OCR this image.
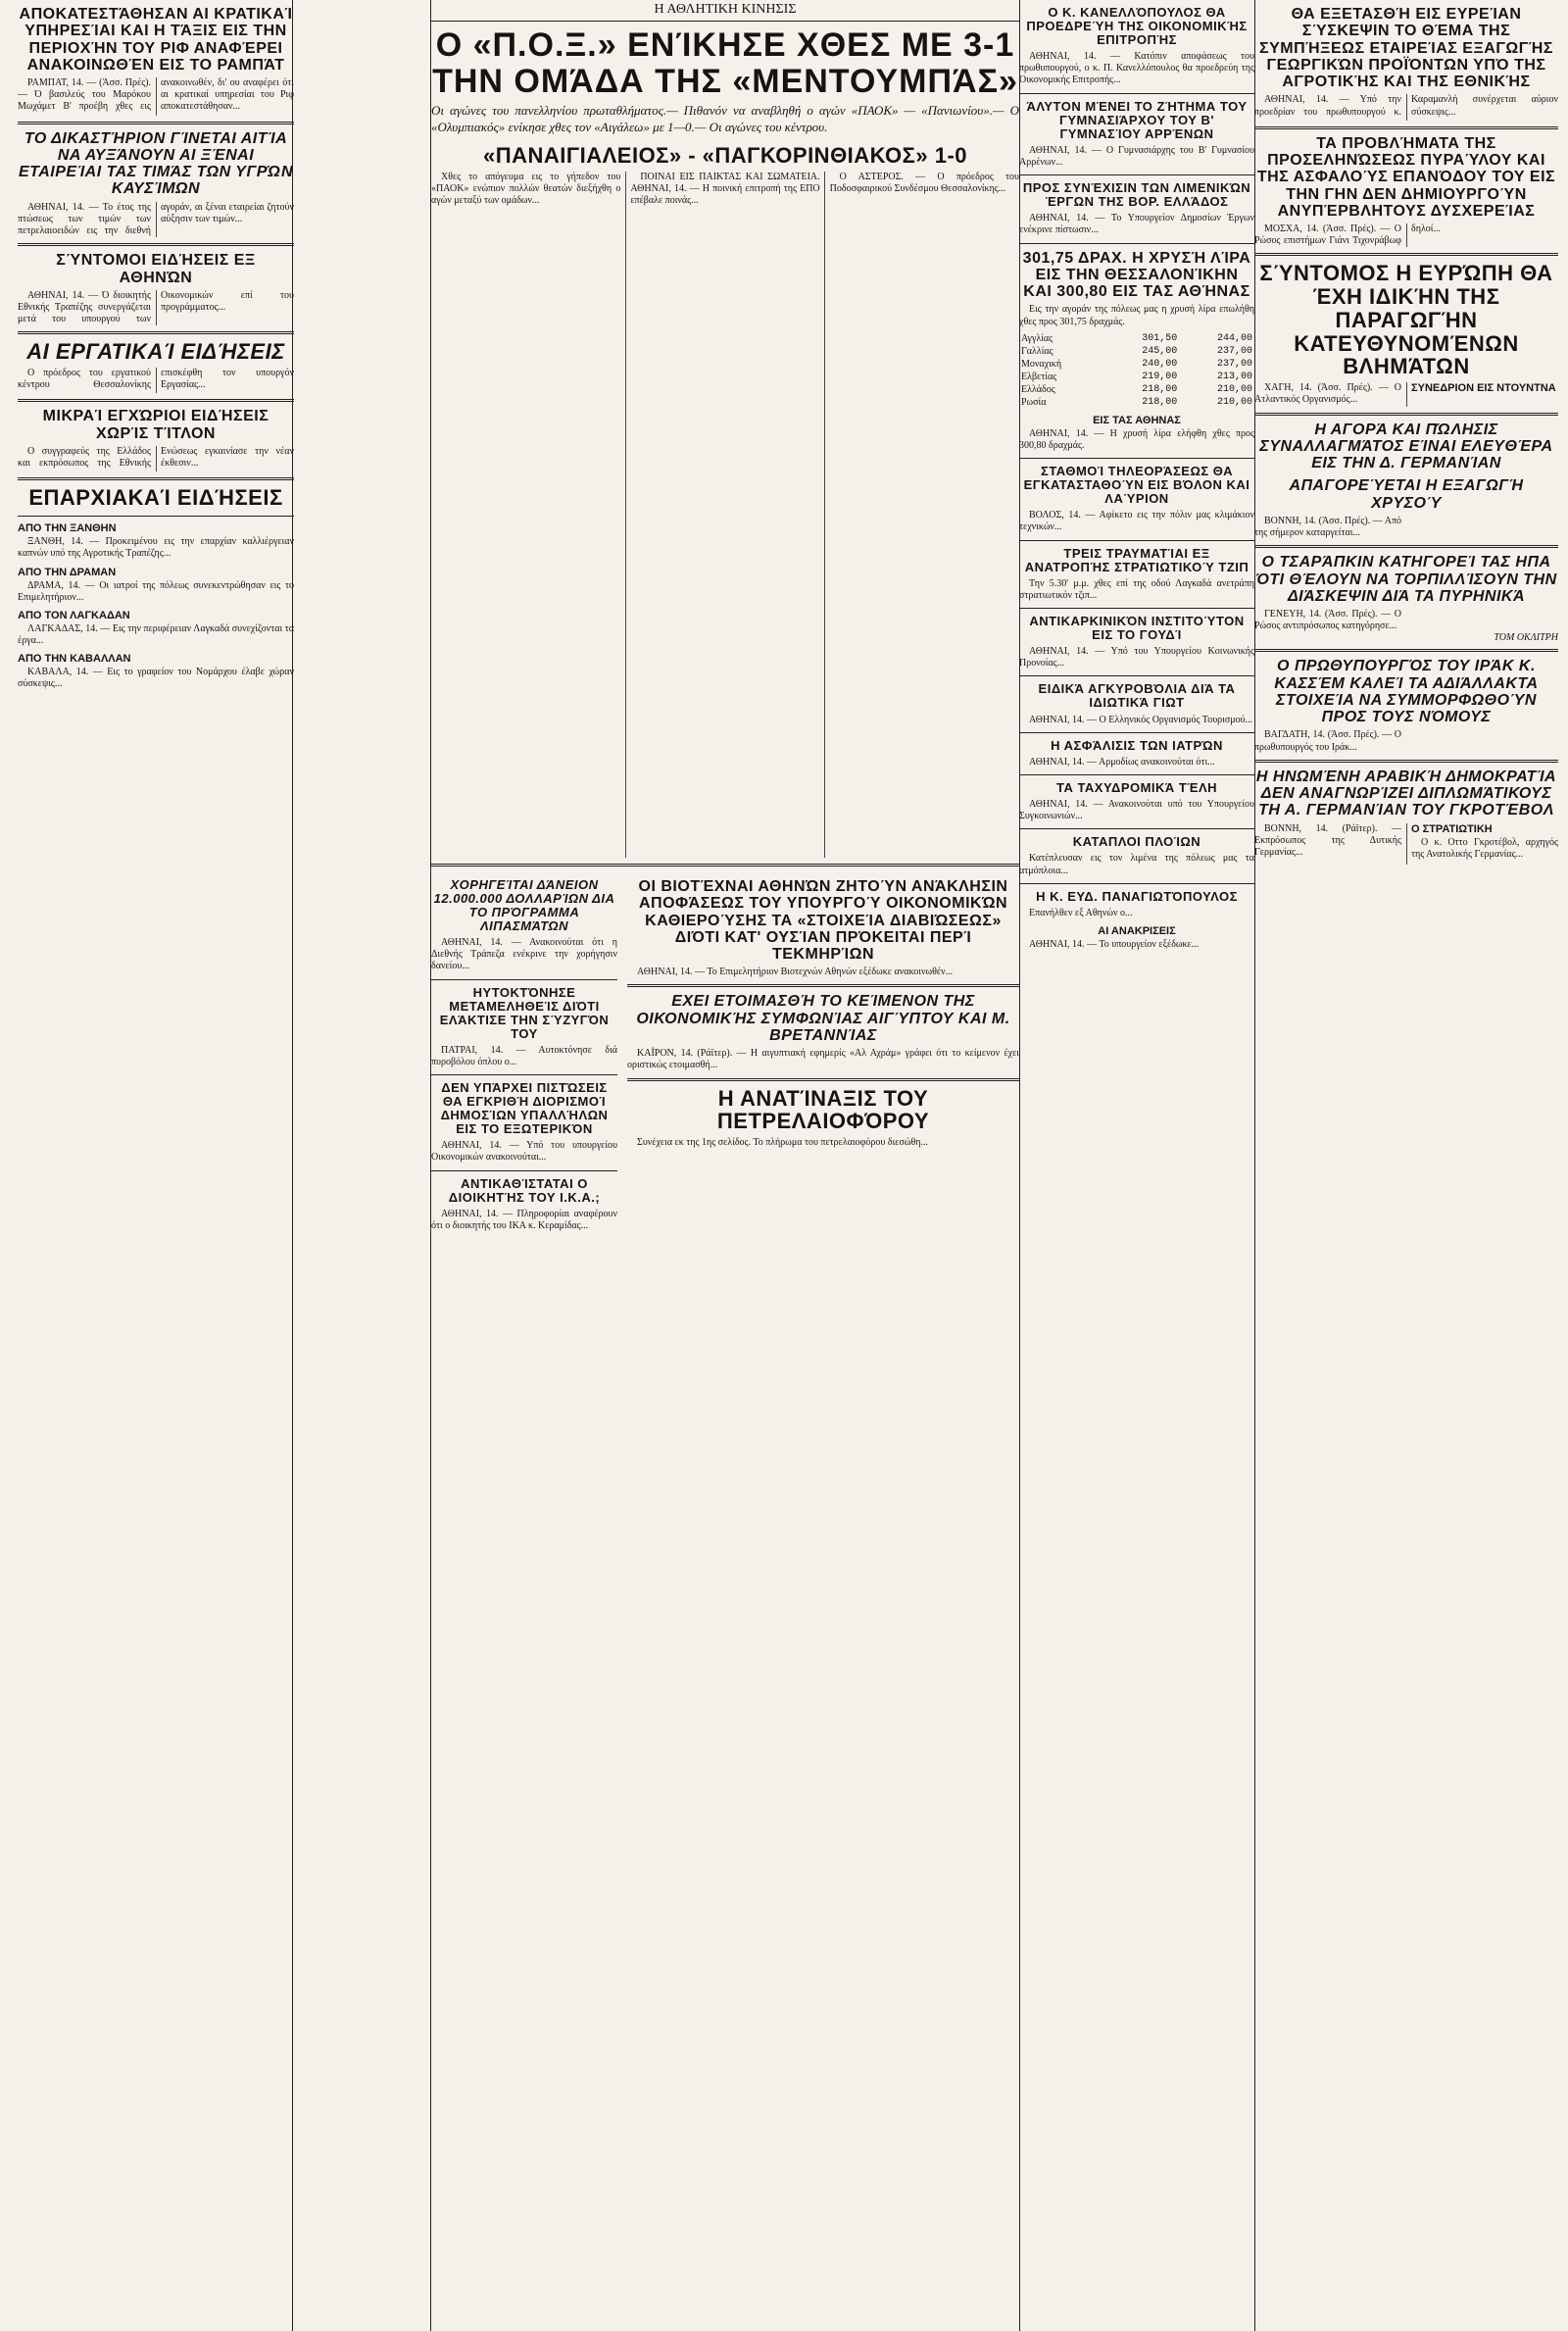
ΑΠΟΚΑΤΕΣΤΆΘΗΣΑΝ ΑΙ ΚΡΑΤΙΚΑΊ ΥΠΗΡΕΣΊΑΙ ΚΑΙ Η ΤΆΞΙΣ ΕΙΣ ΤΗΝ ΠΕΡΙΟΧΉΝ ΤΟΥ ΡΙΦ ΑΝΑΦΈΡΕΙ ΑΝΑΚΟΙΝΩΘΈΝ ΕΙΣ ΤΟ ΡΑΜΠΆΤ

ΡΑΜΠΑΤ, 14. — (Άσσ. Πρές). — Ό βασιλεύς του Μαρόκου Μωχάμετ Β' προέβη χθες εις ανακοινωθέν, δι' ου αναφέρει ότι αι κρατικαί υπηρεσίαι του Ριφ αποκατεστάθησαν...

ΤΟ ΔΙΚΑΣΤΉΡΙΟΝ ΓΊΝΕΤΑΙ ΑΙΤΊΑ ΝΑ ΑΥΞΆΝΟΥΝ ΑΙ ΞΈΝΑΙ ΕΤΑΙΡΕΊΑΙ ΤΑΣ ΤΙΜΆΣ ΤΩΝ ΥΓΡΏΝ ΚΑΥΣΊΜΩΝ

ΑΘΗΝΑΙ, 14. — Το έτος της πτώσεως των τιμών των πετρελαιοειδών εις την διεθνή αγοράν, αι ξέναι εταιρείαι ζητούν αύξησιν των τιμών...

ΣΎΝΤΟΜΟΙ ΕΙΔΉΣΕΙΣ ΕΞ ΑΘΗΝΏΝ

ΑΘΗΝΑΙ, 14. — Ό διοικητής Εθνικής Τραπέζης συνεργάζεται μετά του υπουργού των Οικονομικών επί του προγράμματος...

ΑΙ ΕΡΓΑΤΙΚΑΊ ΕΙΔΉΣΕΙΣ

Ο πρόεδρος του εργατικού κέντρου Θεσσαλονίκης επισκέφθη τον υπουργόν Εργασίας...

ΜΙΚΡΑΊ ΕΓΧΏΡΙΟΙ ΕΙΔΉΣΕΙΣ ΧΩΡΊΣ ΤΊΤΛΟΝ

Ο συγγραφεύς της Ελλάδος και εκπρόσωπος της Εθνικής Ενώσεως εγκαινίασε την νέαν έκθεσιν...

ΕΠΑΡΧΙΑΚΑΊ ΕΙΔΉΣΕΙΣ
ΑΠΟ ΤΗΝ ΞΑΝΘΗΝ

ΞΑΝΘΗ, 14. — Προκειμένου εις την επαρχίαν καλλιέργειαν καπνών υπό της Αγροτικής Τραπέζης...

ΑΠΟ ΤΗΝ ΔΡΑΜΑΝ

ΔΡΑΜΑ, 14. — Οι ιατροί της πόλεως συνεκεντρώθησαν εις το Επιμελητήριον...

ΑΠΟ ΤΟΝ ΛΑΓΚΑΔΑΝ

ΛΑΓΚΑΔΑΣ, 14. — Εις την περιφέρειαν Λαγκαδά συνεχίζονται τα έργα...

ΑΠΟ ΤΗΝ ΚΑΒΑΛΛΑΝ

ΚΑΒΑΛΑ, 14. — Εις το γραφείον του Νομάρχου έλαβε χώραν σύσκεψις...

Η ΑΘΛΗΤΙΚΗ ΚΙΝΗΣΙΣ
Ο «Π.Ο.Ξ.» ΕΝΊΚΗΣΕ ΧΘΕΣ ΜΕ 3-1 ΤΗΝ ΟΜΆΔΑ ΤΗΣ «ΜΕΝΤΟΥΜΠΆΣ»

Οι αγώνες του πανελληνίου πρωταθλήματος.— Πιθανόν να αναβληθή ο αγών «ΠΑΟΚ» — «Πανιωνίου».— Ο «Ολυμπιακός» ενίκησε χθες τον «Αιγάλεω» με 1—0.— Οι αγώνες του κέντρου.

«ΠΑΝΑΙΓΙΑΛΕΙΟΣ» - «ΠΑΓΚΟΡΙΝΘΙΑΚΟΣ» 1-0

Χθες το απόγευμα εις το γήπεδον του «ΠΑΟΚ» ενώπιον πολλών θεατών διεξήχθη ο αγών μεταξύ των ομάδων...

ΠΟΙΝΑΙ ΕΙΣ ΠΑΙΚΤΑΣ ΚΑΙ ΣΩΜΑΤΕΙΑ. ΑΘΗΝΑΙ, 14. — Η ποινική επιτροπή της ΕΠΟ επέβαλε ποινάς...

Ο ΑΣΤΕΡΟΣ. — Ο πρόεδρος του Ποδοσφαιρικού Συνδέσμου Θεσσαλονίκης...

ΧΟΡΗΓΕΊΤΑΙ ΔΆΝΕΙΟΝ 12.000.000 ΔΟΛΛΑΡΊΩΝ ΔΙΑ ΤΟ ΠΡΌΓΡΑΜΜΑ ΛΙΠΑΣΜΆΤΩΝ

ΑΘΗΝΑΙ, 14. — Ανακοινούται ότι η Διεθνής Τράπεζα ενέκρινε την χορήγησιν δανείου...

ΗΥΤΟΚΤΌΝΗΣΕ ΜΕΤΑΜΕΛΗΘΕΊΣ ΔΙΌΤΙ ΕΛΆΚΤΙΣΕ ΤΗΝ ΣΎΖΥΓΌΝ ΤΟΥ

ΠΑΤΡΑΙ, 14. — Αυτοκτόνησε διά πυροβόλου όπλου ο...

ΔΕΝ ΥΠΆΡΧΕΙ ΠΙΣΤΏΣΕΙΣ ΘΑ ΕΓΚΡΙΘΉ ΔΙΟΡΙΣΜΟΊ ΔΗΜΟΣΊΩΝ ΥΠΑΛΛΉΛΩΝ ΕΙΣ ΤΟ ΕΞΩΤΕΡΙΚΌΝ

ΑΘΗΝΑΙ, 14. — Υπό του υπουργείου Οικονομικών ανακοινούται...

ΑΝΤΙΚΑΘΊΣΤΑΤΑΙ Ο ΔΙΟΙΚΗΤΉΣ ΤΟΥ Ι.Κ.Α.;

ΑΘΗΝΑΙ, 14. — Πληροφορίαι αναφέρουν ότι ο διοικητής του ΙΚΑ κ. Κεραμίδας...

ΟΙ ΒΙΟΤΈΧΝΑΙ ΑΘΗΝΏΝ ΖΗΤΟΎΝ ΑΝΆΚΛΗΣΙΝ ΑΠΟΦΆΣΕΩΣ ΤΟΥ ΥΠΟΥΡΓΟΎ ΟΙΚΟΝΟΜΙΚΏΝ ΚΑΘΙΕΡΟΎΣΗΣ ΤΑ «ΣΤΟΙΧΕΊΑ ΔΙΑΒΙΏΣΕΩΣ» ΔΙΌΤΙ ΚΑΤ' ΟΥΣΊΑΝ ΠΡΌΚΕΙΤΑΙ ΠΕΡΊ ΤΕΚΜΗΡΊΩΝ

ΑΘΗΝΑΙ, 14. — Το Επιμελητήριον Βιοτεχνών Αθηνών εξέδωκε ανακοινωθέν...

ΕΧΕΙ ΕΤΟΙΜΑΣΘΉ ΤΟ ΚΕΊΜΕΝΟΝ ΤΗΣ ΟΙΚΟΝΟΜΙΚΉΣ ΣΥΜΦΩΝΊΑΣ ΑΙΓΎΠΤΟΥ ΚΑΙ Μ. ΒΡΕΤΑΝΝΊΑΣ

ΚΑΪΡΟΝ, 14. (Ράϊτερ). — Η αιγυπτιακή εφημερίς «Αλ Αχράμ» γράφει ότι το κείμενον έχει οριστικώς ετοιμασθή...

Η ΑΝΑΤΊΝΑΞΙΣ ΤΟΥ ΠΕΤΡΕΛΑΙΟΦΌΡΟΥ

Συνέχεια εκ της 1ης σελίδος. Το πλήρωμα του πετρελαιοφόρου διεσώθη...

Ο Κ. ΚΑΝΕΛΛΌΠΟΥΛΟΣ ΘΑ ΠΡΟΕΔΡΕΎΗ ΤΗΣ ΟΙΚΟΝΟΜΙΚΉΣ ΕΠΙΤΡΟΠΉΣ

ΑΘΗΝΑΙ, 14. — Κατόπιν αποφάσεως του πρωθυπουργού, ο κ. Π. Κανελλόπουλος θα προεδρεύη της Οικονομικής Επιτροπής...

ΆΛΥΤΟΝ ΜΈΝΕΙ ΤΟ ΖΉΤΗΜΑ ΤΟΥ ΓΥΜΝΑΣΙΆΡΧΟΥ ΤΟΥ Β' ΓΥΜΝΑΣΊΟΥ ΑΡΡΈΝΩΝ

ΑΘΗΝΑΙ, 14. — Ο Γυμνασιάρχης του Β' Γυμνασίου Αρρένων...

ΠΡΟΣ ΣΥΝΈΧΙΣΙΝ ΤΩΝ ΛΙΜΕΝΙΚΏΝ ΈΡΓΩΝ ΤΗΣ ΒΟΡ. ΕΛΛΆΔΟΣ

ΑΘΗΝΑΙ, 14. — Το Υπουργείον Δημοσίων Έργων ενέκρινε πίστωσιν...

301,75 ΔΡΑΧ. Η ΧΡΥΣΉ ΛΊΡΑ ΕΙΣ ΤΗΝ ΘΕΣΣΑΛΟΝΊΚΗΝ ΚΑΙ 300,80 ΕΙΣ ΤΑΣ ΑΘΉΝΑΣ

Εις την αγοράν της πόλεως μας η χρυσή λίρα επωλήθη χθες προς 301,75 δραχμάς.

Αγγλίας	301,50	244,00
Γαλλίας	245,00	237,00
Μοναχική	240,00	237,00
Ελβετίας	219,00	213,00
Ελλάδος	218,00	210,00
Ρωσία	218,00	210,00
ΕΙΣ ΤΑΣ ΑΘΗΝΑΣ

ΑΘΗΝΑΙ, 14. — Η χρυσή λίρα ελήφθη χθες προς 300,80 δραχμάς.

ΣΤΑΘΜΟΊ ΤΗΛΕΟΡΆΣΕΩΣ ΘΑ ΕΓΚΑΤΑΣΤΑΘΟΎΝ ΕΙΣ ΒΌΛΟΝ ΚΑΙ ΛΑΎΡΙΟΝ

ΒΟΛΟΣ, 14. — Αφίκετο εις την πόλιν μας κλιμάκιον τεχνικών...

ΤΡΕΙΣ ΤΡΑΥΜΑΤΊΑΙ ΕΞ ΑΝΑΤΡΟΠΉΣ ΣΤΡΑΤΙΩΤΙΚΟΎ ΤΖΙΠ

Την 5.30' μ.μ. χθες επί της οδού Λαγκαδά ανετράπη στρατιωτικόν τζιπ...

ΑΝΤΙΚΑΡΚΙΝΙΚΌΝ ΙΝΣΤΙΤΟΎΤΟΝ ΕΙΣ ΤΟ ΓΟΥΔΊ

ΑΘΗΝΑΙ, 14. — Υπό του Υπουργείου Κοινωνικής Προνοίας...

ΕΙΔΙΚΆ ΑΓΚΥΡΟΒΌΛΙΑ ΔΙΆ ΤΑ ΙΔΙΩΤΙΚΆ ΓΙΩΤ

ΑΘΗΝΑΙ, 14. — Ο Ελληνικός Οργανισμός Τουρισμού...

Η ΑΣΦΆΛΙΣΙΣ ΤΩΝ ΙΑΤΡΏΝ

ΑΘΗΝΑΙ, 14. — Αρμοδίως ανακοινούται ότι...

ΤΑ ΤΑΧΥΔΡΟΜΙΚΆ ΤΈΛΗ

ΑΘΗΝΑΙ, 14. — Ανακοινούται υπό του Υπουργείου Συγκοινωνιών...

ΚΑΤΑΠΛΟΙ ΠΛΟΊΩΝ

Κατέπλευσαν εις τον λιμένα της πόλεως μας τα ατμόπλοια...

Η Κ. ΕΥΔ. ΠΑΝΑΓΙΩΤΌΠΟΥΛΟΣ

Επανήλθεν εξ Αθηνών ο...

ΑΙ ΑΝΑΚΡΙΣΕΙΣ

ΑΘΗΝΑΙ, 14. — Το υπουργείον εξέδωκε...

ΘΑ ΕΞΕΤΑΣΘΉ ΕΙΣ ΕΥΡΕΊΑΝ ΣΎΣΚΕΨΙΝ ΤΟ ΘΈΜΑ ΤΗΣ ΣΥΜΠΉΞΕΩΣ ΕΤΑΙΡΕΊΑΣ ΕΞΑΓΩΓΉΣ ΓΕΩΡΓΙΚΏΝ ΠΡΟΪΌΝΤΩΝ ΥΠΌ ΤΗΣ ΑΓΡΟΤΙΚΉΣ ΚΑΙ ΤΗΣ ΕΘΝΙΚΉΣ

ΑΘΗΝΑΙ, 14. — Υπό την προεδρίαν του πρωθυπουργού κ. Καραμανλή συνέρχεται αύριον σύσκεψις...

ΤΑ ΠΡΟΒΛΉΜΑΤΑ ΤΗΣ ΠΡΟΣΕΛΗΝΏΣΕΩΣ ΠΥΡΑΎΛΟΥ ΚΑΙ ΤΗΣ ΑΣΦΑΛΟΎΣ ΕΠΑΝΌΔΟΥ ΤΟΥ ΕΙΣ ΤΗΝ ΓΗΝ ΔΕΝ ΔΗΜΙΟΥΡΓΟΎΝ ΑΝΥΠΈΡΒΛΗΤΟΥΣ ΔΥΣΧΕΡΕΊΑΣ

ΜΟΣΧΑ, 14. (Άσσ. Πρές). — Ο Ρώσος επιστήμων Γιάνι Τιχονράβωφ δηλοί...

ΣΎΝΤΟΜΟΣ Η ΕΥΡΏΠΗ ΘΑ ΈΧΗ ΙΔΙΚΉΝ ΤΗΣ ΠΑΡΑΓΩΓΉΝ ΚΑΤΕΥΘΥΝΟΜΈΝΩΝ ΒΛΗΜΆΤΩΝ

ΧΑΓΗ, 14. (Άσσ. Πρές). — Ο Ατλαντικός Οργανισμός...

ΣΥΝΕΔΡΙΟΝ ΕΙΣ ΝΤΟΥΝΤΝΑ
Η ΑΓΟΡΆ ΚΑΙ ΠΏΛΗΣΙΣ ΣΥΝΑΛΛΑΓΜΆΤΟΣ ΕΊΝΑΙ ΕΛΕΥΘΈΡΑ ΕΙΣ ΤΗΝ Δ. ΓΕΡΜΑΝΊΑΝ
ΑΠΑΓΟΡΕΎΕΤΑΙ Η ΕΞΑΓΩΓΉ ΧΡΥΣΟΎ

ΒΟΝΝΗ, 14. (Άσσ. Πρές). — Από της σήμερον καταργείται...

Ο ΤΣΑΡΆΠΚΙΝ ΚΑΤΗΓΟΡΕΊ ΤΑΣ ΗΠΑ ΌΤΙ ΘΈΛΟΥΝ ΝΑ ΤΟΡΠΙΛΛΊΣΟΥΝ ΤΗΝ ΔΙΆΣΚΕΨΙΝ ΔΙΆ ΤΑ ΠΥΡΗΝΙΚΆ

ΓΕΝΕΥΗ, 14. (Άσσ. Πρές). — Ο Ρώσος αντιπρόσωπος κατηγόρησε...

ΤΟΜ ΟΚΛΙΤΡΗ
Ο ΠΡΩΘΥΠΟΥΡΓΌΣ ΤΟΥ ΙΡΆΚ Κ. ΚΑΣΣΈΜ ΚΑΛΕΊ ΤΑ ΑΔΙΆΛΛΑΚΤΑ ΣΤΟΙΧΕΊΑ ΝΑ ΣΥΜΜΟΡΦΩΘΟΎΝ ΠΡΟΣ ΤΟΥΣ ΝΌΜΟΥΣ

ΒΑΓΔΑΤΗ, 14. (Άσσ. Πρές). — Ο πρωθυπουργός του Ιράκ...

Η ΗΝΩΜΈΝΗ ΑΡΑΒΙΚΉ ΔΗΜΟΚΡΑΤΊΑ ΔΕΝ ΑΝΑΓΝΩΡΊΖΕΙ ΔΙΠΛΩΜΆΤΙΚΟΥΣ ΤΗ Α. ΓΕΡΜΑΝΊΑΝ ΤΟΥ ΓΚΡΟΤΈΒΟΛ

ΒΟΝΝΗ, 14. (Ράϊτερ). — Εκπρόσωπος της Δυτικής Γερμανίας...

Ο ΣΤΡΑΤΙΩΤΙΚΗ

Ο κ. Οττο Γκροτέβολ, αρχηγός της Ανατολικής Γερμανίας...
